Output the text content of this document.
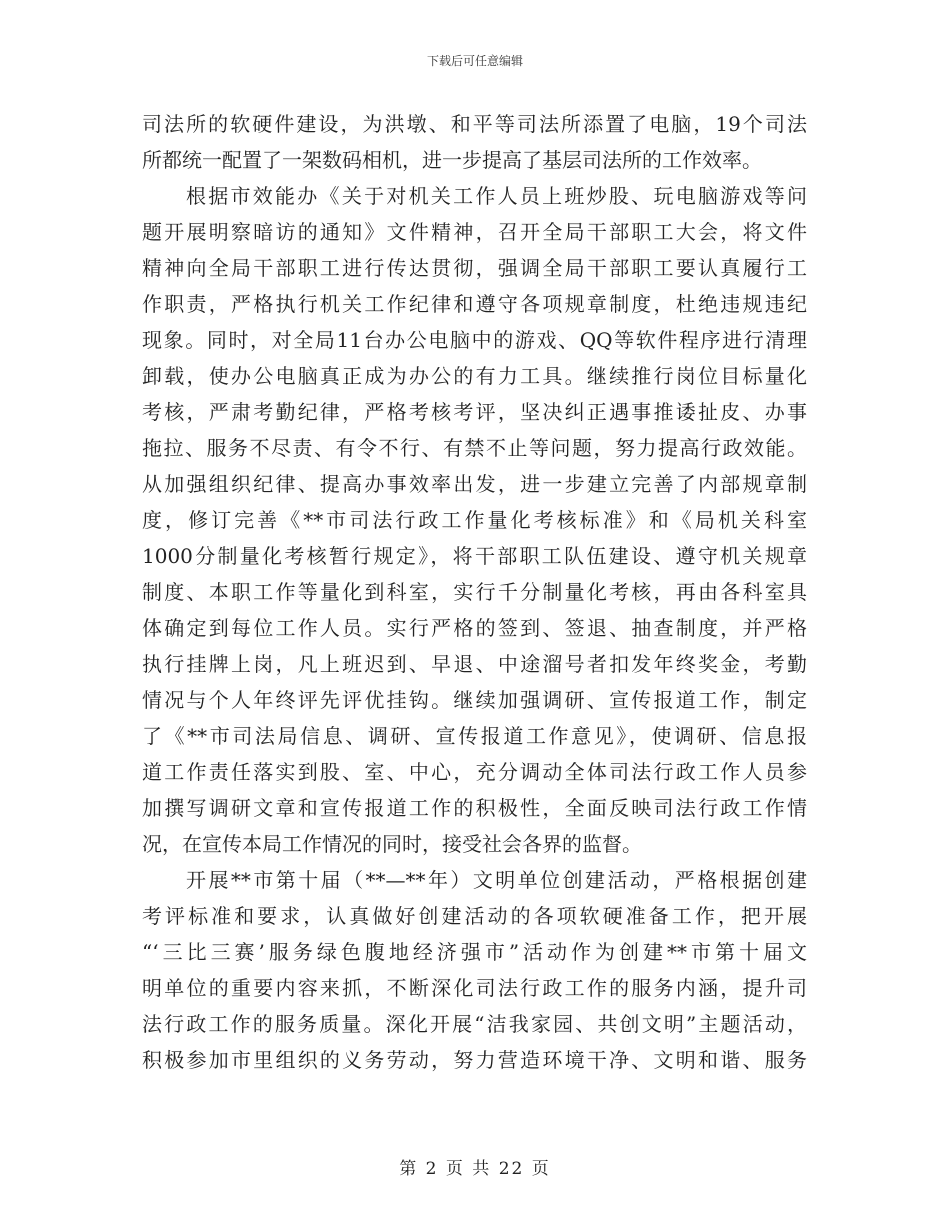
下载后可任意编辑
司法所的软硬件建设，为洪墩、和平等司法所添置了电脑，19个司法
所都统一配置了一架数码相机，进一步提高了基层司法所的工作效率。
根据市效能办《关于对机关工作人员上班炒股、玩电脑游戏等问
题开展明察暗访的通知》文件精神，召开全局干部职工大会，将文件
精神向全局干部职工进行传达贯彻，强调全局干部职工要认真履行工
作职责，严格执行机关工作纪律和遵守各项规章制度，杜绝违规违纪
现象。同时，对全局11台办公电脑中的游戏、QQ等软件程序进行清理
卸载，使办公电脑真正成为办公的有力工具。继续推行岗位目标量化
考核，严肃考勤纪律，严格考核考评，坚决纠正遇事推诿扯皮、办事
拖拉、服务不尽责、有令不行、有禁不止等问题，努力提高行政效能。
从加强组织纪律、提高办事效率出发，进一步建立完善了内部规章制
度，修订完善《**市司法行政工作量化考核标准》和《局机关科室
1000分制量化考核暂行规定》，将干部职工队伍建设、遵守机关规章
制度、本职工作等量化到科室，实行千分制量化考核，再由各科室具
体确定到每位工作人员。实行严格的签到、签退、抽查制度，并严格
执行挂牌上岗，凡上班迟到、早退、中途溜号者扣发年终奖金，考勤
情况与个人年终评先评优挂钩。继续加强调研、宣传报道工作，制定
了《**市司法局信息、调研、宣传报道工作意见》，使调研、信息报
道工作责任落实到股、室、中心，充分调动全体司法行政工作人员参
加撰写调研文章和宣传报道工作的积极性，全面反映司法行政工作情
况，在宣传本局工作情况的同时，接受社会各界的监督。
开展**市第十届（**—**年）文明单位创建活动，严格根据创建
考评标准和要求，认真做好创建活动的各项软硬准备工作，把开展
“‘三比三赛’服务绿色腹地经济强市”活动作为创建**市第十届文
明单位的重要内容来抓，不断深化司法行政工作的服务内涵，提升司
法行政工作的服务质量。深化开展“洁我家园、共创文明”主题活动，
积极参加市里组织的义务劳动，努力营造环境干净、文明和谐、服务
第 2 页 共 22 页
